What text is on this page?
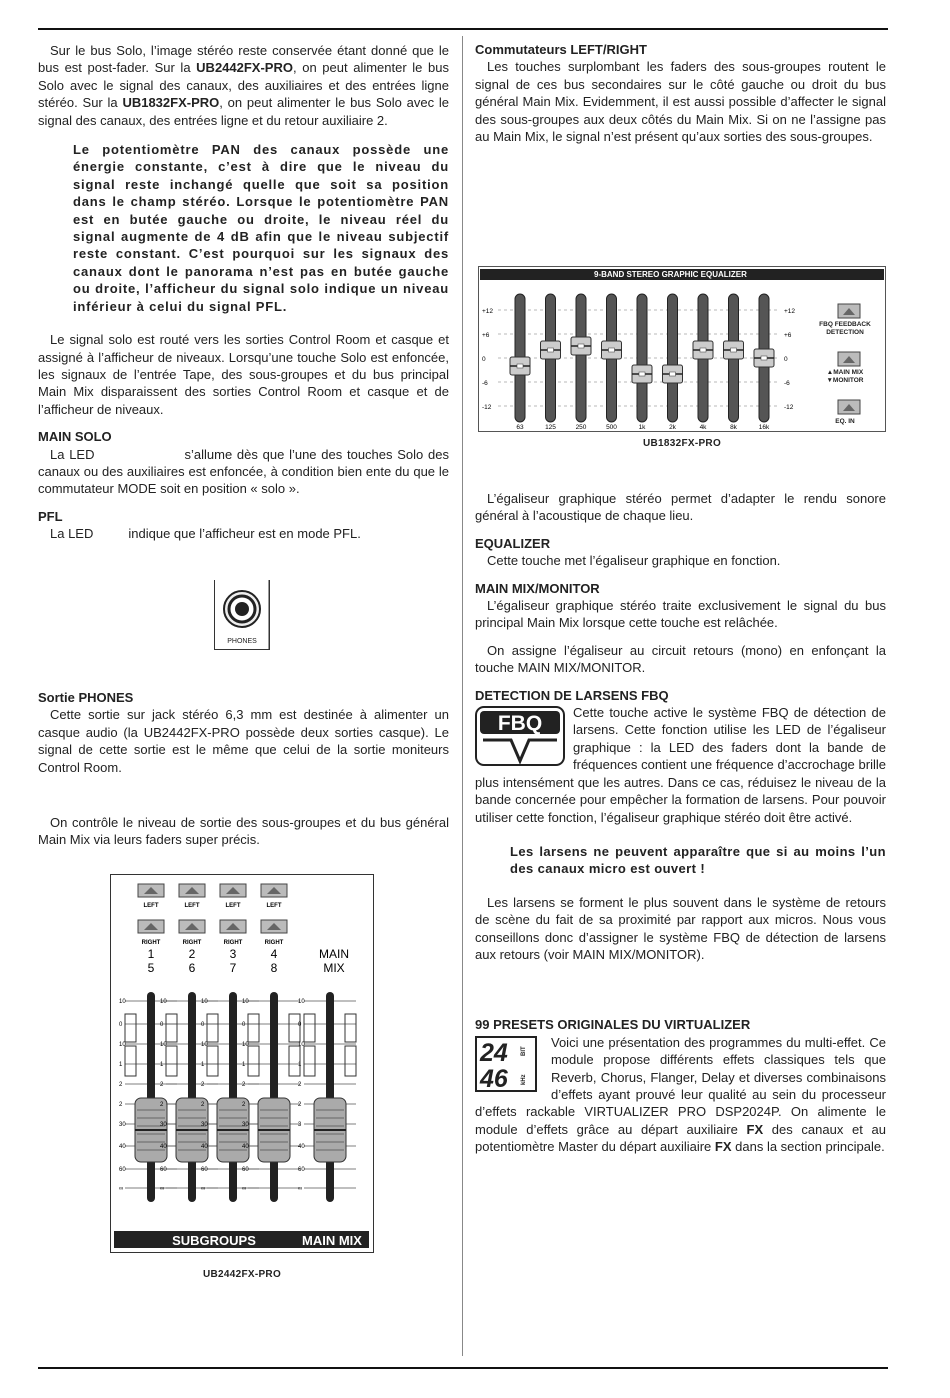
Sur le bus Solo, l’image stéréo reste conservée étant donné que le bus est post-fader. Sur la UB2442FX-PRO, on peut alimenter le bus Solo avec le signal des canaux, des auxiliaires et des entrées ligne stéréo. Sur la UB1832FX-PRO, on peut alimenter le bus Solo avec le signal des canaux, des entrées ligne et du retour auxiliaire 2.

Le potentiomètre PAN des canaux possède une énergie constante, c’est à dire que le niveau du signal reste inchangé quelle que soit sa position dans le champ stéréo. Lorsque le potentiomètre PAN est en butée gauche ou droite, le niveau réel du signal augmente de 4 dB afin que le niveau subjectif reste constant. C’est pourquoi sur les signaux des canaux dont le panorama n’est pas en butée gauche ou droite, l’afficheur du signal solo indique un niveau inférieur à celui du signal PFL.

Le signal solo est routé vers les sorties Control Room et casque et assigné à l’afficheur de niveaux. Lorsqu’une touche Solo est enfoncée, les signaux de l’entrée Tape, des sous-groupes et du bus principal Main Mix disparaissent des sorties Control Room et casque et de l’afficheur de niveaux.

MAIN SOLO

La LED	s’allume dès que l’une des touches Solo des canaux ou des auxiliaires est enfoncée, à condition bien ente du que le commutateur MODE soit en position « solo ».

PFL

La LED	indique que l’afficheur est en mode PFL.

PHONES

Sortie PHONES

Cette sortie sur jack stéréo 6,3 mm est destinée à alimenter un casque audio (la UB2442FX-PRO possède deux sorties casque). Le signal de cette sortie est le même que celui de la sortie moniteurs Control Room.

On contrôle le niveau de sortie des sous-groupes et du bus général Main Mix via leurs faders super précis.

LEFT
RIGHT
1
5
LEFT
RIGHT
2
6
LEFT
RIGHT
3
7
LEFT
RIGHT
4
8
MAIN
MIX
10
0
10
1
2
2
30
40
60
∞
10
0
10
1
2
2
30
40
60
∞
10
0
10
1
2
2
30
40
60
∞
10
0
10
1
2
2
30
40
60
∞
10
0
10
1
2
2
3
40
60
∞
SUBGROUPS	MAIN MIX
UB2442FX-PRO

Commutateurs LEFT/RIGHT

Les touches surplombant les faders des sous-groupes routent le signal de ces bus secondaires sur le côté gauche ou droit du bus général Main Mix. Evidemment, il est aussi possible d’affecter le signal des sous-groupes aux deux côtés du Main Mix. Si on ne l’assigne pas au Main Mix, le signal n’est présent qu’aux sorties des sous-groupes.

+12	+12
+6	+6
0	0
-6	-6
-12	-12
63	125	250	500	1k	2k	4k	8k	16k
9-BAND STEREO GRAPHIC EQUALIZER
FBQ FEEDBACK DETECTION
▲MAIN MIX
▼MONITOR
EQ. IN
UB1832FX-PRO

L’égaliseur graphique stéréo permet d’adapter le rendu sonore général à l’acoustique de chaque lieu.

EQUALIZER

Cette touche met l’égaliseur graphique en fonction.

MAIN MIX/MONITOR

L’égaliseur graphique stéréo traite exclusivement le signal du bus principal Main Mix lorsque cette touche est relâchée.

On assigne l’égaliseur au circuit retours (mono) en enfonçant la touche MAIN MIX/MONITOR.

DETECTION DE LARSENS FBQ

FBQ	Cette touche active le système FBQ de détection de larsens. Cette fonction utilise les LED de l’égaliseur graphique : la LED des faders dont la bande de fréquences contient une fréquence d’accrochage brille plus intensément que les autres. Dans ce cas, réduisez le niveau de la bande concernée pour empêcher la formation de larsens. Pour pouvoir utiliser cette fonction, l’égaliseur graphique stéréo doit être activé.

Les larsens ne peuvent apparaître que si au moins l’un des canaux micro est ouvert !

Les larsens se forment le plus souvent dans le système de retours de scène du fait de sa proximité par rapport aux micros. Nous vous conseillons donc d’assigner le système FBQ de détection de larsens aux retours (voir MAIN MIX/MONITOR).

99 PRESETS ORIGINALES DU VIRTUALIZER

24
46
BIT
kHz

Voici une présentation des programmes du multi-effet. Ce module propose différents effets classiques tels que Reverb, Chorus, Flanger, Delay et diverses combinaisons d’effets ayant prouvé leur qualité au sein du processeur d’effets rackable VIRTUALIZER PRO DSP2024P. On alimente le module d’effets grâce au départ auxiliaire FX des canaux et au potentiomètre Master du départ auxiliaire FX dans la section principale.
